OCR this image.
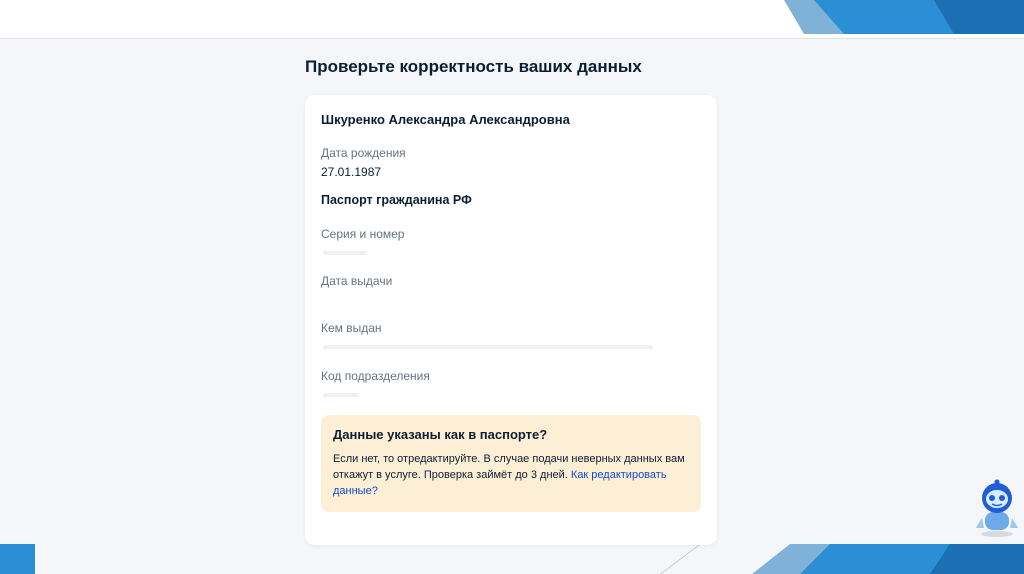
Проверьте корректность ваших данных
Шкуренко Александра Александровна
Дата рождения
27.01.1987
Паспорт гражданина РФ
Серия и номер
Дата выдачи
Кем выдан
Код подразделения
Данные указаны как в паспорте?
Если нет, то отредактируйте. В случае подачи неверных данных вам откажут в услуге. Проверка займёт до 3 дней. Как редактировать данные?
